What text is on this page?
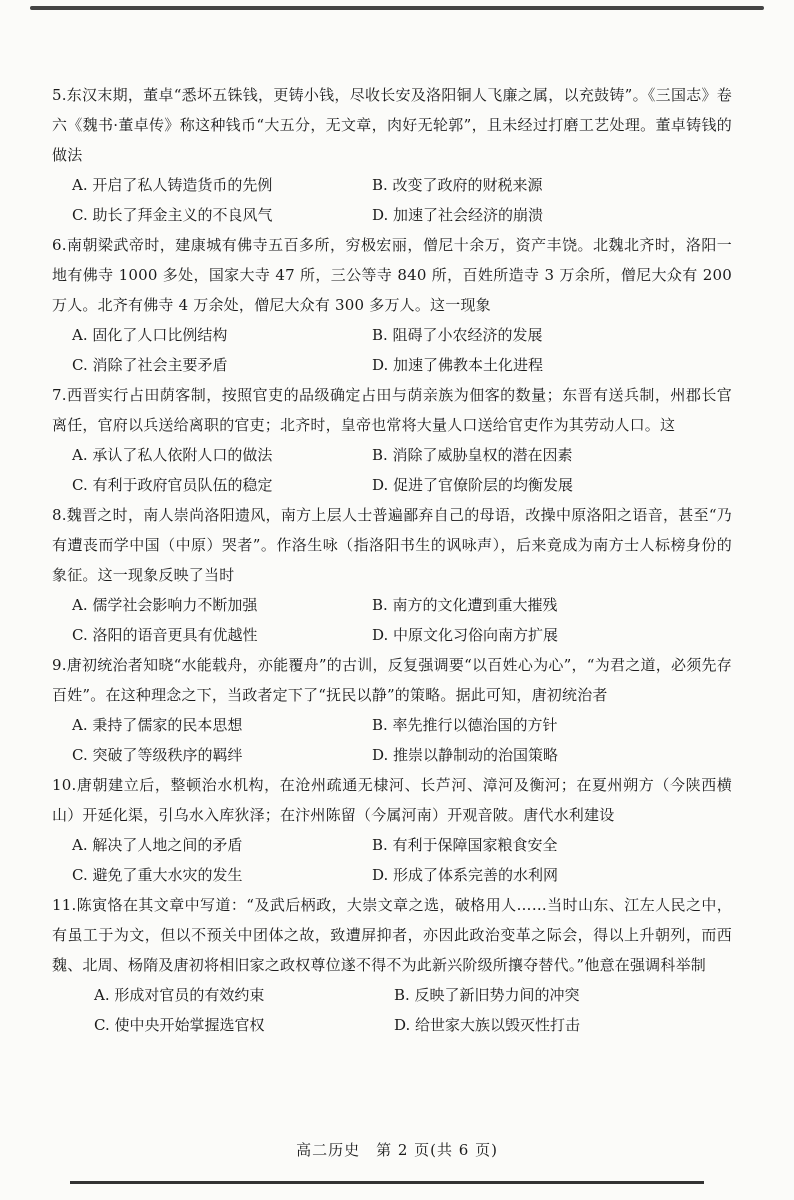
5.东汉末期，董卓“悉坏五铢钱，更铸小钱，尽收长安及洛阳铜人飞廉之属，以充鼓铸”。《三国志》卷六《魏书·董卓传》称这种钱币“大五分，无文章，肉好无轮郭”，且未经过打磨工艺处理。董卓铸钱的做法

A. 开启了私人铸造货币的先例	B. 改变了政府的财税来源
C. 助长了拜金主义的不良风气	D. 加速了社会经济的崩溃

6.南朝梁武帝时，建康城有佛寺五百多所，穷极宏丽，僧尼十余万，资产丰饶。北魏北齐时，洛阳一地有佛寺 1000 多处，国家大寺 47 所，三公等寺 840 所，百姓所造寺 3 万余所，僧尼大众有 200 万人。北齐有佛寺 4 万余处，僧尼大众有 300 多万人。这一现象

A. 固化了人口比例结构	B. 阻碍了小农经济的发展
C. 消除了社会主要矛盾	D. 加速了佛教本土化进程

7.西晋实行占田荫客制，按照官吏的品级确定占田与荫亲族为佃客的数量；东晋有送兵制，州郡长官离任，官府以兵送给离职的官吏；北齐时，皇帝也常将大量人口送给官吏作为其劳动人口。这

A. 承认了私人依附人口的做法	B. 消除了威胁皇权的潜在因素
C. 有利于政府官员队伍的稳定	D. 促进了官僚阶层的均衡发展

8.魏晋之时，南人崇尚洛阳遗风，南方上层人士普遍鄙弃自己的母语，改操中原洛阳之语音，甚至“乃有遭丧而学中国（中原）哭者”。作洛生咏（指洛阳书生的讽咏声），后来竟成为南方士人标榜身份的象征。这一现象反映了当时

A. 儒学社会影响力不断加强	B. 南方的文化遭到重大摧残
C. 洛阳的语音更具有优越性	D. 中原文化习俗向南方扩展

9.唐初统治者知晓“水能载舟，亦能覆舟”的古训，反复强调要“以百姓心为心”，“为君之道，必须先存百姓”。在这种理念之下，当政者定下了“抚民以静”的策略。据此可知，唐初统治者

A. 秉持了儒家的民本思想	B. 率先推行以德治国的方针
C. 突破了等级秩序的羁绊	D. 推崇以静制动的治国策略

10.唐朝建立后，整顿治水机构，在沧州疏通无棣河、长芦河、漳河及衡河；在夏州朔方（今陕西横山）开延化渠，引乌水入库狄泽；在汴州陈留（今属河南）开观音陂。唐代水利建设

A. 解决了人地之间的矛盾	B. 有利于保障国家粮食安全
C. 避免了重大水灾的发生	D. 形成了体系完善的水利网

11.陈寅恪在其文章中写道：“及武后柄政，大崇文章之选，破格用人……当时山东、江左人民之中，有虽工于为文，但以不预关中团体之故，致遭屏抑者，亦因此政治变革之际会，得以上升朝列，而西魏、北周、杨隋及唐初将相旧家之政权尊位遂不得不为此新兴阶级所攘夺替代。”他意在强调科举制

A. 形成对官员的有效约束	B. 反映了新旧势力间的冲突
C. 使中央开始掌握选官权	D. 给世家大族以毁灭性打击
高二历史　第 2 页(共 6 页)
